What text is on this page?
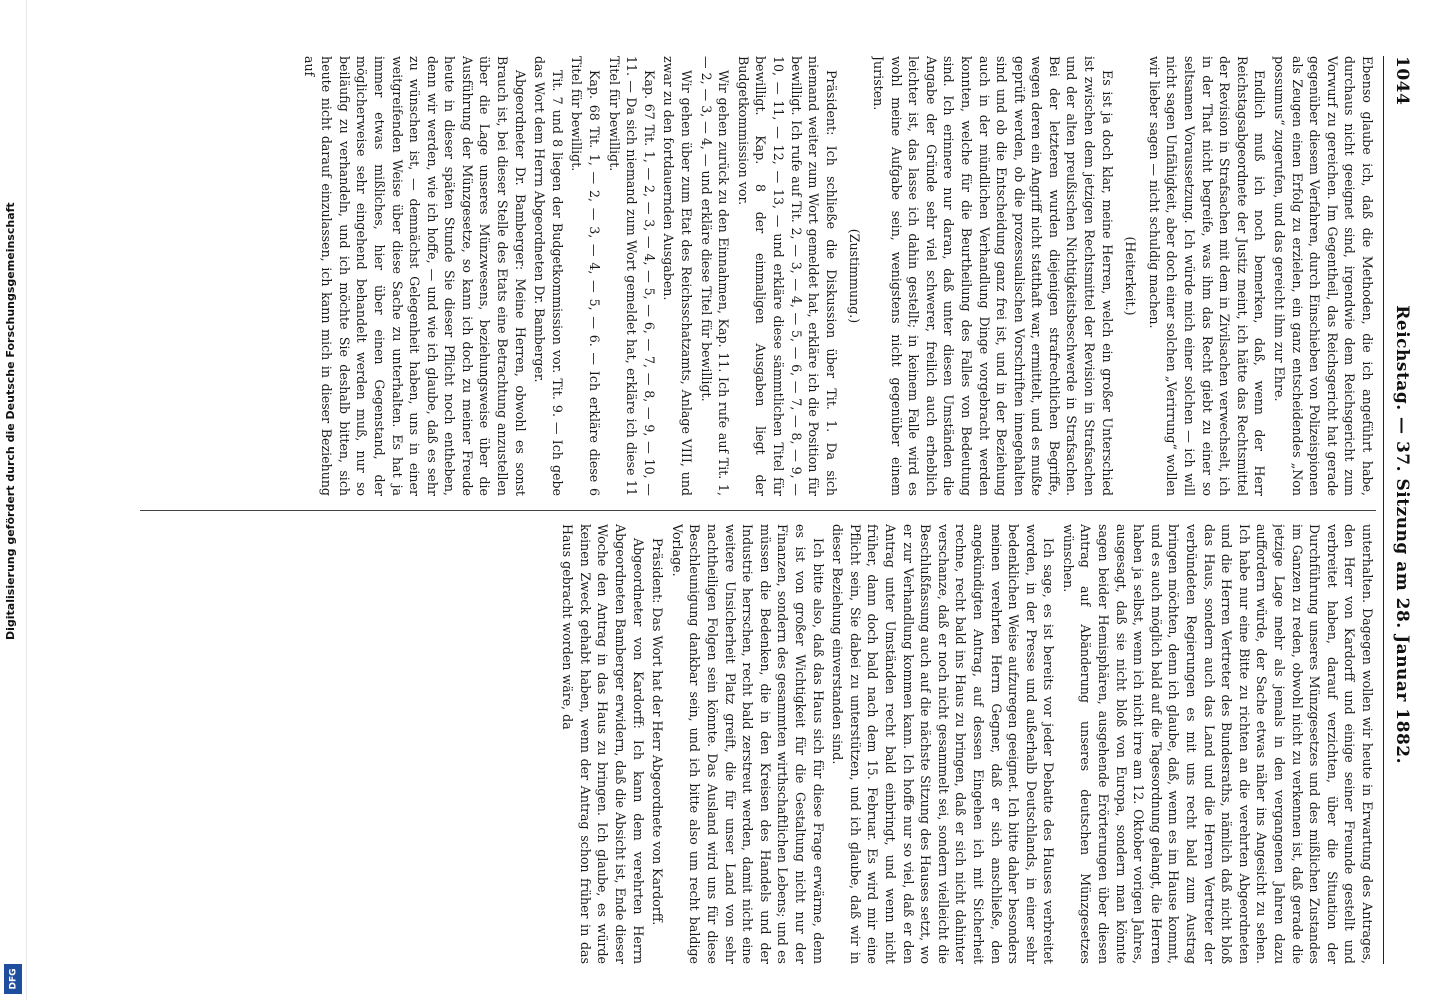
Digitalisierung gefördert durch die Deutsche Forschungsgemeinschaft
DFG
1044
Reichstag. — 37. Sitzung am 28. Januar 1882.

Ebenso glaube ich, daß die Methoden, die ich angeführt habe, durchaus nicht geeignet sind, irgendwie dem Reichsgericht zum Vorwurf zu gereichen. Im Gegentheil, das Reichsgericht hat gerade gegenüber diesem Verfahren, durch Einschieben von Polizeispionen als Zeugen einen Erfolg zu erzielen, ein ganz entscheidendes „Non possumus“ zugerufen, und das gereicht ihm zur Ehre.

Endlich muß ich noch bemerken, daß, wenn der Herr Reichstagsabgeordnete der Justiz meint, ich hätte das Rechtsmittel der Revision in Strafsachen mit dem in Zivilsachen verwechselt, ich in der That nicht begreife, was ihm das Recht giebt zu einer so seltsamen Voraussetzung. Ich würde mich einer solchen — ich will nicht sagen Unfähigkeit, aber doch einer solchen „Verirrung“ wollen wir lieber sagen — nicht schuldig machen.

(Heiterkeit.)

Es ist ja doch klar, meine Herren, welch ein großer Unterschied ist zwischen dem jetzigen Rechtsmittel der Revision in Strafsachen und der alten preußischen Nichtigkeitsbeschwerde in Strafsachen. Bei der letzteren wurden diejenigen strafrechtlichen Begriffe, wegen deren ein Angriff nicht statthaft war, ermittelt, und es mußte geprüft werden, ob die prozessualischen Vorschriften innegehalten sind und ob die Entscheidung ganz frei ist, und in der Beziehung auch in der mündlichen Verhandlung Dinge vorgebracht werden konnten, welche für die Beurtheilung des Falles von Bedeutung sind. Ich erinnere nur daran, daß unter diesen Umständen die Angabe der Gründe sehr viel schwerer, freilich auch erheblich leichter ist, das lasse ich dahin gestellt; in keinem Falle wird es wohl meine Aufgabe sein, wenigstens nicht gegenüber einem Juristen.

(Zustimmung.)

Präsident: Ich schließe die Diskussion über Tit. 1. Da sich niemand weiter zum Wort gemeldet hat, erkläre ich die Position für bewilligt. Ich rufe auf Tit. 2, — 3, — 4, — 5, — 6, — 7, — 8, — 9, — 10, — 11, — 12, — 13, — und erkläre diese sämmtlichen Titel für bewilligt. Kap. 8 der einmaligen Ausgaben liegt der Budgetkommission vor.

Wir gehen zurück zu den Einnahmen, Kap. 11. Ich rufe auf Tit. 1, — 2, — 3, — 4, — und erkläre diese Titel für bewilligt.

Wir gehen über zum Etat des Reichsschatzamts, Anlage VIII, und zwar zu den fortdauernden Ausgaben.

Kap. 67 Tit. 1, — 2, — 3, — 4, — 5, — 6, — 7, — 8, — 9, — 10, — 11. — Da sich niemand zum Wort gemeldet hat, erkläre ich diese 11 Titel für bewilligt.

Kap. 68 Tit. 1, — 2, — 3, — 4, — 5, — 6. — Ich erkläre diese 6 Titel für bewilligt.

Tit. 7 und 8 liegen der Budgetkommission vor. Tit. 9. — Ich gebe das Wort dem Herrn Abgeordneten Dr. Bamberger.

Abgeordneter Dr. Bamberger: Meine Herren, obwohl es sonst Brauch ist, bei dieser Stelle des Etats eine Betrachtung anzustellen über die Lage unseres Münzwesens, beziehungsweise über die Ausführung der Münzgesetze, so kann ich doch zu meiner Freude heute in dieser späten Stunde Sie dieser Pflicht noch entheben, denn wir werden, wie ich hoffe, — und wie ich glaube, daß es sehr zu wünschen ist, — demnächst Gelegenheit haben, uns in einer weitgreifenden Weise über diese Sache zu unterhalten. Es hat ja immer etwas mißliches, hier über einen Gegenstand, der möglicherweise sehr eingehend behandelt werden muß, nur so beiläufig zu verhandeln, und ich möchte Sie deshalb bitten, sich heute nicht darauf einzulassen, ich kann mich in dieser Beziehung auf

unterhalten. Dagegen wollen wir heute in Erwartung des Antrages, den Herr von Kardorff und einige seiner Freunde gestellt und verbreitet haben, darauf verzichten, über die Situation der Durchführung unseres Münzgesetzes und des mißlichen Zustandes im Ganzen zu reden, obwohl nicht zu verkennen ist, daß gerade die jetzige Lage mehr als jemals in den vergangenen Jahren dazu auffordern würde, der Sache etwas näher ins Angesicht zu sehen. Ich habe nur eine Bitte zu richten an die verehrten Abgeordneten und die Herren Vertreter des Bundesraths, nämlich daß nicht bloß das Haus, sondern auch das Land und die Herren Vertreter der verbündeten Regierungen es mit uns recht bald zum Austrag bringen möchten, denn ich glaube, daß, wenn es im Hause kommt, und es auch möglich bald auf die Tagesordnung gelangt, die Herren haben ja selbst, wenn ich nicht irre am 12. Oktober vorigen Jahres, ausgesagt, daß sie nicht bloß von Europa, sondern man könnte sagen beider Hemisphären, ausgehende Erörterungen über diesen Antrag auf Abänderung unseres deutschen Münzgesetzes wünschen.

Ich sage, es ist bereits vor jeder Debatte des Hauses verbreitet worden, in der Presse und außerhalb Deutschlands, in einer sehr bedenklichen Weise aufzuregen geeignet. Ich bitte daher besonders meinen verehrten Herrn Gegner, daß er sich anschließe, den angekündigten Antrag, auf dessen Eingehen ich mit Sicherheit rechne, recht bald ins Haus zu bringen, daß er sich nicht dahinter verschanze, daß er noch nicht gesammelt sei, sondern vielleicht die Beschlußfassung auch auf die nächste Sitzung des Hauses setzt, wo er zur Verhandlung kommen kann. Ich hoffe nur so viel, daß er den Antrag unter Umständen recht bald einbringt, und wenn nicht früher, dann doch bald nach dem 15. Februar. Es wird mir eine Pflicht sein, Sie dabei zu unterstützen, und ich glaube, daß wir in dieser Beziehung einverstanden sind.

Ich bitte also, daß das Haus sich für diese Frage erwärme, denn es ist von großer Wichtigkeit für die Gestaltung nicht nur der Finanzen, sondern des gesammten wirthschaftlichen Lebens; und es müssen die Bedenken, die in den Kreisen des Handels und der Industrie herrschen, recht bald zerstreut werden, damit nicht eine weitere Unsicherheit Platz greift, die für unser Land von sehr nachtheiligen Folgen sein könnte. Das Ausland wird uns für diese Beschleunigung dankbar sein, und ich bitte also um recht baldige Vorlage.

Präsident: Das Wort hat der Herr Abgeordnete von Kardorff.

Abgeordneter von Kardorff: Ich kann dem verehrten Herrn Abgeordneten Bamberger erwidern, daß die Absicht ist, Ende dieser Woche den Antrag in das Haus zu bringen. Ich glaube, es würde keinen Zweck gehabt haben, wenn der Antrag schon früher in das Haus gebracht worden wäre, da
